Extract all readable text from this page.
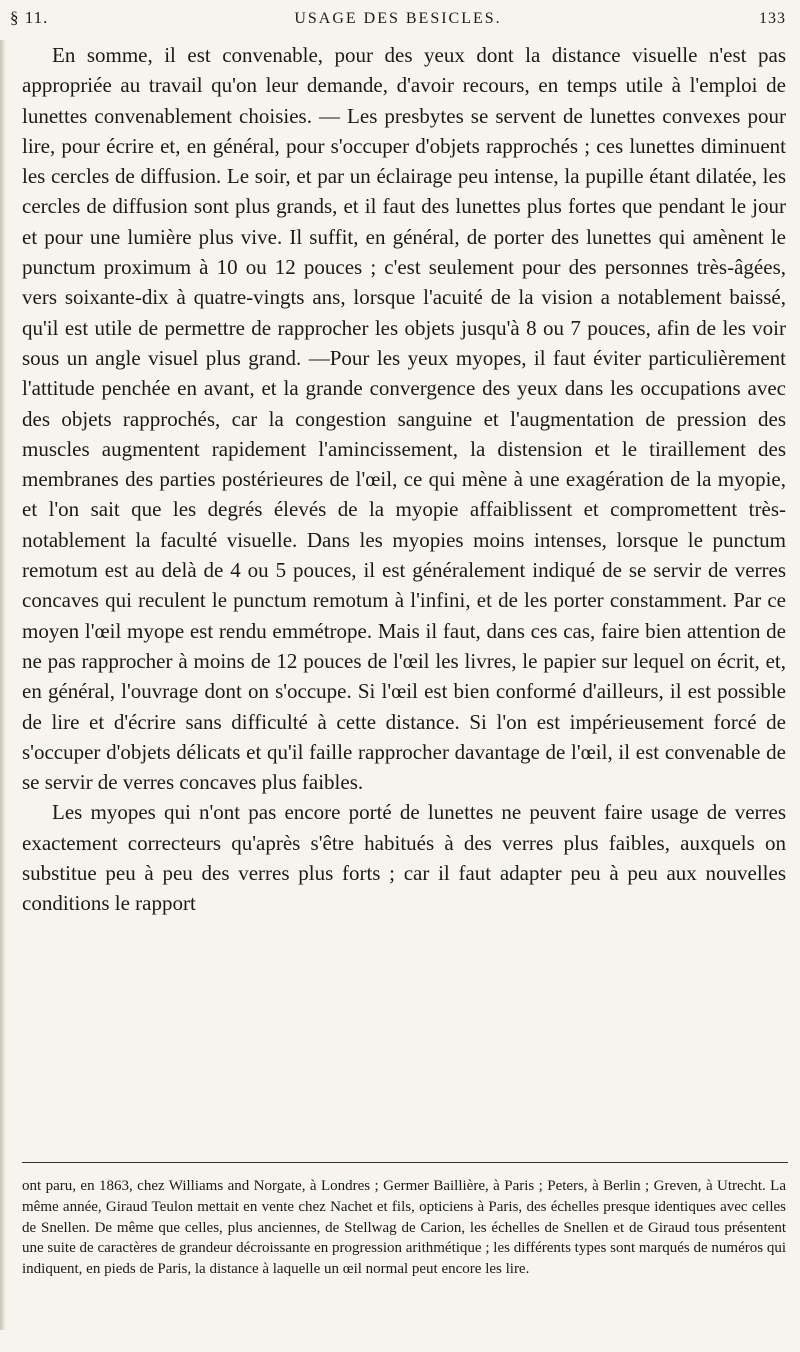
§ 11.	USAGE DES BESICLES.	133

En somme, il est convenable, pour des yeux dont la distance visuelle n'est pas appropriée au travail qu'on leur demande, d'avoir recours, en temps utile à l'emploi de lunettes convenablement choisies. — Les presbytes se servent de lunettes convexes pour lire, pour écrire et, en général, pour s'occuper d'objets rapprochés ; ces lunettes diminuent les cercles de diffusion. Le soir, et par un éclairage peu intense, la pupille étant dilatée, les cercles de diffusion sont plus grands, et il faut des lunettes plus fortes que pendant le jour et pour une lumière plus vive. Il suffit, en général, de porter des lunettes qui amènent le punctum proximum à 10 ou 12 pouces ; c'est seulement pour des personnes très-âgées, vers soixante-dix à quatre-vingts ans, lorsque l'acuité de la vision a notablement baissé, qu'il est utile de permettre de rapprocher les objets jusqu'à 8 ou 7 pouces, afin de les voir sous un angle visuel plus grand. —Pour les yeux myopes, il faut éviter particulièrement l'attitude penchée en avant, et la grande convergence des yeux dans les occupations avec des objets rapprochés, car la congestion sanguine et l'augmentation de pression des muscles augmentent rapidement l'amincissement, la distension et le tiraillement des membranes des parties postérieures de l'œil, ce qui mène à une exagération de la myopie, et l'on sait que les degrés élevés de la myopie affaiblissent et compromettent très-notablement la faculté visuelle. Dans les myopies moins intenses, lorsque le punctum remotum est au delà de 4 ou 5 pouces, il est généralement indiqué de se servir de verres concaves qui reculent le punctum remotum à l'infini, et de les porter constamment. Par ce moyen l'œil myope est rendu emmétrope. Mais il faut, dans ces cas, faire bien attention de ne pas rapprocher à moins de 12 pouces de l'œil les livres, le papier sur lequel on écrit, et, en général, l'ouvrage dont on s'occupe. Si l'œil est bien conformé d'ailleurs, il est possible de lire et d'écrire sans difficulté à cette distance. Si l'on est impérieusement forcé de s'occuper d'objets délicats et qu'il faille rapprocher davantage de l'œil, il est convenable de se servir de verres concaves plus faibles.

Les myopes qui n'ont pas encore porté de lunettes ne peuvent faire usage de verres exactement correcteurs qu'après s'être habitués à des verres plus faibles, auxquels on substitue peu à peu des verres plus forts ; car il faut adapter peu à peu aux nouvelles conditions le rapport

ont paru, en 1863, chez Williams and Norgate, à Londres ; Germer Baillière, à Paris ; Peters, à Berlin ; Greven, à Utrecht. La même année, Giraud Teulon mettait en vente chez Nachet et fils, opticiens à Paris, des échelles presque identiques avec celles de Snellen. De même que celles, plus anciennes, de Stellwag de Carion, les échelles de Snellen et de Giraud tous présentent une suite de caractères de grandeur décroissante en progression arithmétique ; les différents types sont marqués de numéros qui indiquent, en pieds de Paris, la distance à laquelle un œil normal peut encore les lire.
